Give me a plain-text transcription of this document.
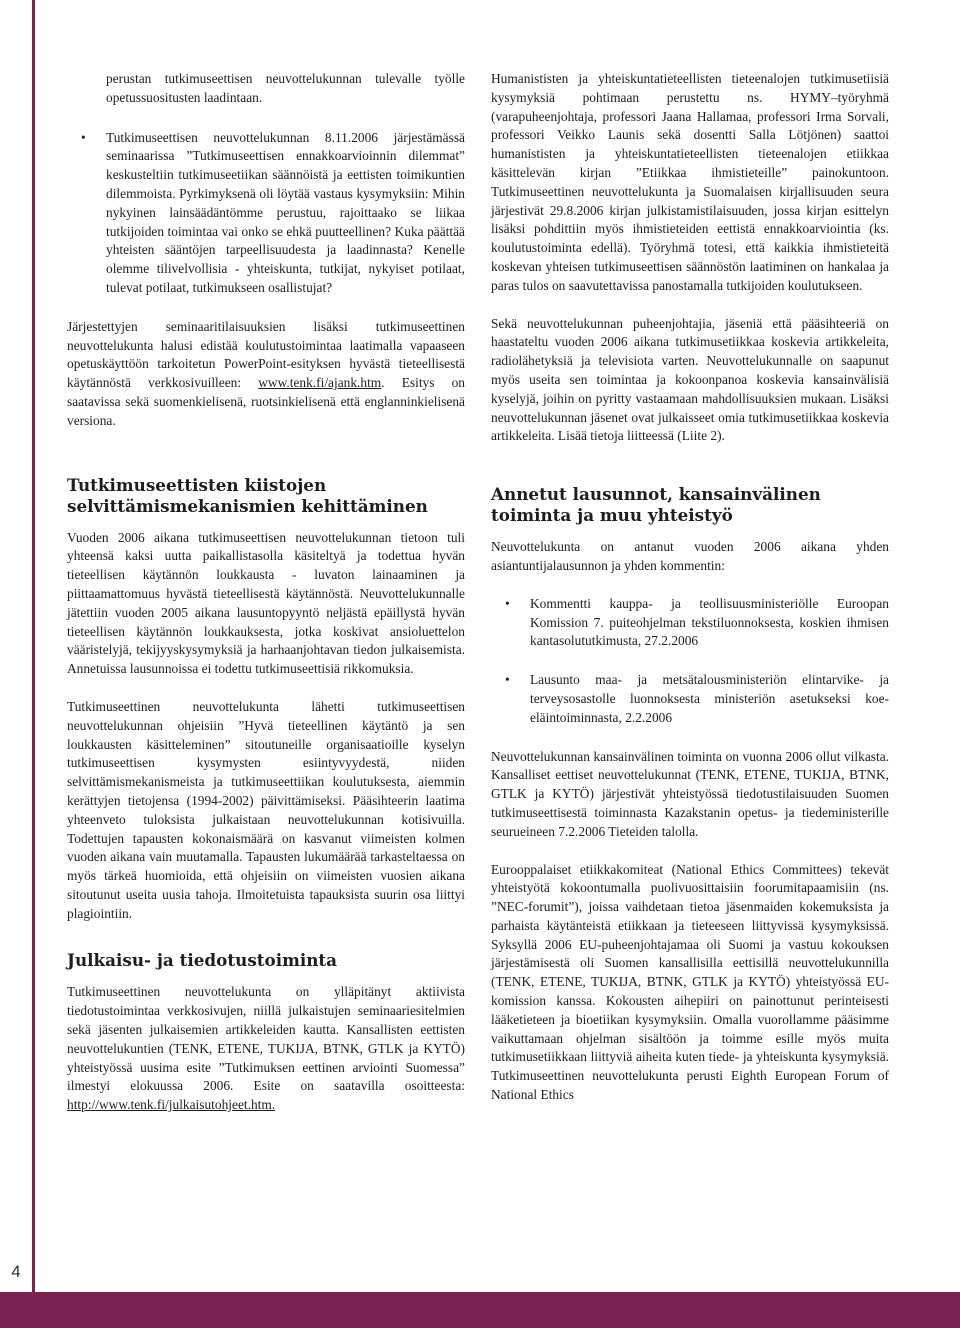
4

perustan tutkimuseettisen neuvottelukunnan tulevalle työlle opetussuositusten laadintaan.

• Tutkimuseettisen neuvottelukunnan 8.11.2006 järjestämässä seminaarissa ”Tutkimuseettisen ennakkoarvioinnin dilemmat” keskusteltiin tutkimuseetiikan säännöistä ja eettisten toimikuntien dilemmoista. Pyrkimyksenä oli löytää vastaus kysymyksiin: Mihin nykyinen lainsäädäntömme perustuu, rajoittaako se liikaa tutkijoiden toimintaa vai onko se ehkä puutteellinen? Kuka päättää yhteisten sääntöjen tarpeellisuudesta ja laadinnasta? Kenelle olemme tilivelvollisia - yhteiskunta, tutkijat, nykyiset potilaat, tulevat potilaat, tutkimukseen osallistujat?

Järjestettyjen seminaaritilaisuuksien lisäksi tutkimuseettinen neuvottelukunta halusi edistää koulutustoimintaa laatimalla vapaaseen opetuskäyttöön tarkoitetun PowerPoint-esityksen hyvästä tieteellisestä käytännöstä verkkosivuilleen: www.tenk.fi/ajank.htm. Esitys on saatavissa sekä suomenkielisenä, ruotsinkielisenä että englanninkielisenä versiona.

Tutkimuseettisten kiistojen selvittämismekanismien kehittäminen

Vuoden 2006 aikana tutkimuseettisen neuvottelukunnan tietoon tuli yhteensä kaksi uutta paikallistasolla käsiteltyä ja todettua hyvän tieteellisen käytännön loukkausta - luvaton lainaaminen ja piittaamattomuus hyvästä tieteellisestä käytännöstä. Neuvottelukunnalle jätettiin vuoden 2005 aikana lausuntopyyntö neljästä epäillystä hyvän tieteellisen käytännön loukkauksesta, jotka koskivat ansioluettelon vääristelyjä, tekijyyskysymyksiä ja harhaanjohtavan tiedon julkaisemista. Annetuissa lausunnoissa ei todettu tutkimuseettisiä rikkomuksia.

Tutkimuseettinen neuvottelukunta lähetti tutkimuseettisen neuvottelukunnan ohjeisiin ”Hyvä tieteellinen käytäntö ja sen loukkausten käsitteleminen” sitoutuneille organisaatioille kyselyn tutkimuseettisen kysymysten esiintyvyydestä, niiden selvittämismekanismeista ja tutkimuseettiikan koulutuksesta, aiemmin kerättyjen tietojensa (1994-2002) päivittämiseksi. Pääsihteerin laatima yhteenveto tuloksista julkaistaan neuvottelukunnan kotisivuilla. Todettujen tapausten kokonaismäärä on kasvanut viimeisten kolmen vuoden aikana vain muutamalla. Tapausten lukumäärää tarkasteltaessa on myös tärkeä huomioida, että ohjeisiin on viimeisten vuosien aikana sitoutunut useita uusia tahoja. Ilmoitetuista tapauksista suurin osa liittyi plagiointiin.

Julkaisu- ja tiedotustoiminta

Tutkimuseettinen neuvottelukunta on ylläpitänyt aktiivista tiedotustoimintaa verkkosivujen, niillä julkaistujen seminaariesitelmien sekä jäsenten julkaisemien artikkeleiden kautta. Kansallisten eettisten neuvottelukuntien (TENK, ETENE, TUKIJA, BTNK, GTLK ja KYTÖ) yhteistyössä uusima esite ”Tutkimuksen eettinen arviointi Suomessa” ilmestyi elokuussa 2006. Esite on saatavilla osoitteesta: http://www.tenk.fi/julkaisutohjeet.htm.

Humanististen ja yhteiskuntatieteellisten tieteenalojen tutkimusetiisiä kysymyksiä pohtimaan perustettu ns. HYMY–työryhmä (varapuheenjohtaja, professori Jaana Hallamaa, professori Irma Sorvali, professori Veikko Launis sekä dosentti Salla Lötjönen) saattoi humanististen ja yhteiskuntatieteellisten tieteenalojen etiikkaa käsittelevän kirjan ”Etiikkaa ihmistieteille” painokuntoon. Tutkimuseettinen neuvottelukunta ja Suomalaisen kirjallisuuden seura järjestivät 29.8.2006 kirjan julkistamistilaisuuden, jossa kirjan esittelyn lisäksi pohdittiin myös ihmistieteiden eettistä ennakkoarviointia (ks. koulutustoiminta edellä). Työryhmä totesi, että kaikkia ihmistieteitä koskevan yhteisen tutkimuseettisen säännöstön laatiminen on hankalaa ja paras tulos on saavutettavissa panostamalla tutkijoiden koulutukseen.

Sekä neuvottelukunnan puheenjohtajia, jäseniä että pääsihteeriä on haastateltu vuoden 2006 aikana tutkimusetiikkaa koskevia artikkeleita, radiolähetyksiä ja televisiota varten. Neuvottelukunnalle on saapunut myös useita sen toimintaa ja kokoonpanoa koskevia kansainvälisiä kyselyjä, joihin on pyritty vastaamaan mahdollisuuksien mukaan. Lisäksi neuvottelukunnan jäsenet ovat julkaisseet omia tutkimusetiikkaa koskevia artikkeleita. Lisää tietoja liitteessä (Liite 2).

Annetut lausunnot, kansainvälinen toiminta ja muu yhteistyö

Neuvottelukunta on antanut vuoden 2006 aikana yhden asiantuntijalausunnon ja yhden kommentin:

• Kommentti kauppa- ja teollisuusministeriölle Euroopan Komission 7. puiteohjelman tekstiluonnoksesta, koskien ihmisen kantasolututkimusta, 27.2.2006
• Lausunto maa- ja metsätalousministeriön elintarvike- ja terveysosastolle luonnoksesta ministeriön asetukseksi koe-eläintoiminnasta, 2.2.2006

Neuvottelukunnan kansainvälinen toiminta on vuonna 2006 ollut vilkasta. Kansalliset eettiset neuvottelukunnat (TENK, ETENE, TUKIJA, BTNK, GTLK ja KYTÖ) järjestivät yhteistyössä tiedotustilaisuuden Suomen tutkimuseettisestä toiminnasta Kazakstanin opetus- ja tiedeministerille seurueineen 7.2.2006 Tieteiden talolla.

Eurooppalaiset etiikkakomiteat (National Ethics Committees) tekevät yhteistyötä kokoontumalla puolivuosittaisiin foorumitapaamisiin (ns. ”NEC-forumit”), joissa vaihdetaan tietoa jäsenmaiden kokemuksista ja parhaista käytänteistä etiikkaan ja tieteeseen liittyvissä kysymyksissä. Syksyllä 2006 EU-puheenjohtajamaa oli Suomi ja vastuu kokouksen järjestämisestä oli Suomen kansallisilla eettisillä neuvottelukunnilla (TENK, ETENE, TUKIJA, BTNK, GTLK ja KYTÖ) yhteistyössä EU-komission kanssa. Kokousten aihepiiri on painottunut perinteisesti lääketieteen ja bioetiikan kysymyksiin. Omalla vuorollamme pääsimme vaikuttamaan ohjelman sisältöön ja toimme esille myös muita tutkimusetiikkaan liittyviä aiheita kuten tiede- ja yhteiskunta kysymyksiä. Tutkimuseettinen neuvottelukunta perusti Eighth European Forum of National Ethics
